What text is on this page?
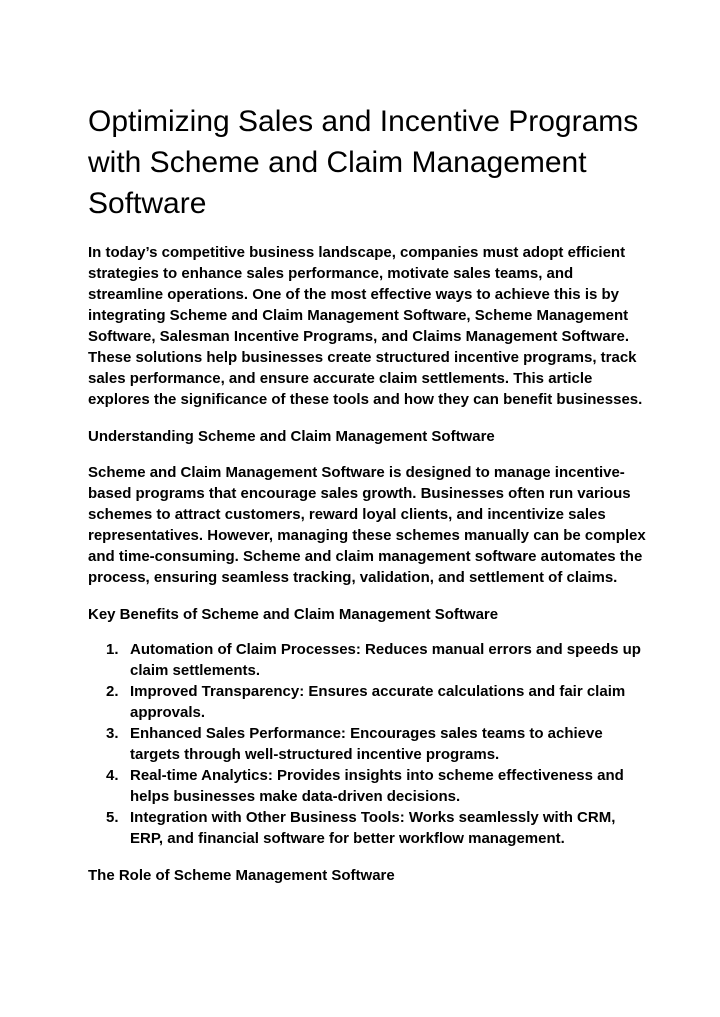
Optimizing Sales and Incentive Programs with Scheme and Claim Management Software

In today’s competitive business landscape, companies must adopt efficient strategies to enhance sales performance, motivate sales teams, and streamline operations. One of the most effective ways to achieve this is by integrating Scheme and Claim Management Software, Scheme Management Software, Salesman Incentive Programs, and Claims Management Software. These solutions help businesses create structured incentive programs, track sales performance, and ensure accurate claim settlements. This article explores the significance of these tools and how they can benefit businesses.

Understanding Scheme and Claim Management Software

Scheme and Claim Management Software is designed to manage incentive-based programs that encourage sales growth. Businesses often run various schemes to attract customers, reward loyal clients, and incentivize sales representatives. However, managing these schemes manually can be complex and time-consuming. Scheme and claim management software automates the process, ensuring seamless tracking, validation, and settlement of claims.

Key Benefits of Scheme and Claim Management Software

1. Automation of Claim Processes: Reduces manual errors and speeds up claim settlements.
2. Improved Transparency: Ensures accurate calculations and fair claim approvals.
3. Enhanced Sales Performance: Encourages sales teams to achieve targets through well-structured incentive programs.
4. Real-time Analytics: Provides insights into scheme effectiveness and helps businesses make data-driven decisions.
5. Integration with Other Business Tools: Works seamlessly with CRM, ERP, and financial software for better workflow management.

The Role of Scheme Management Software
